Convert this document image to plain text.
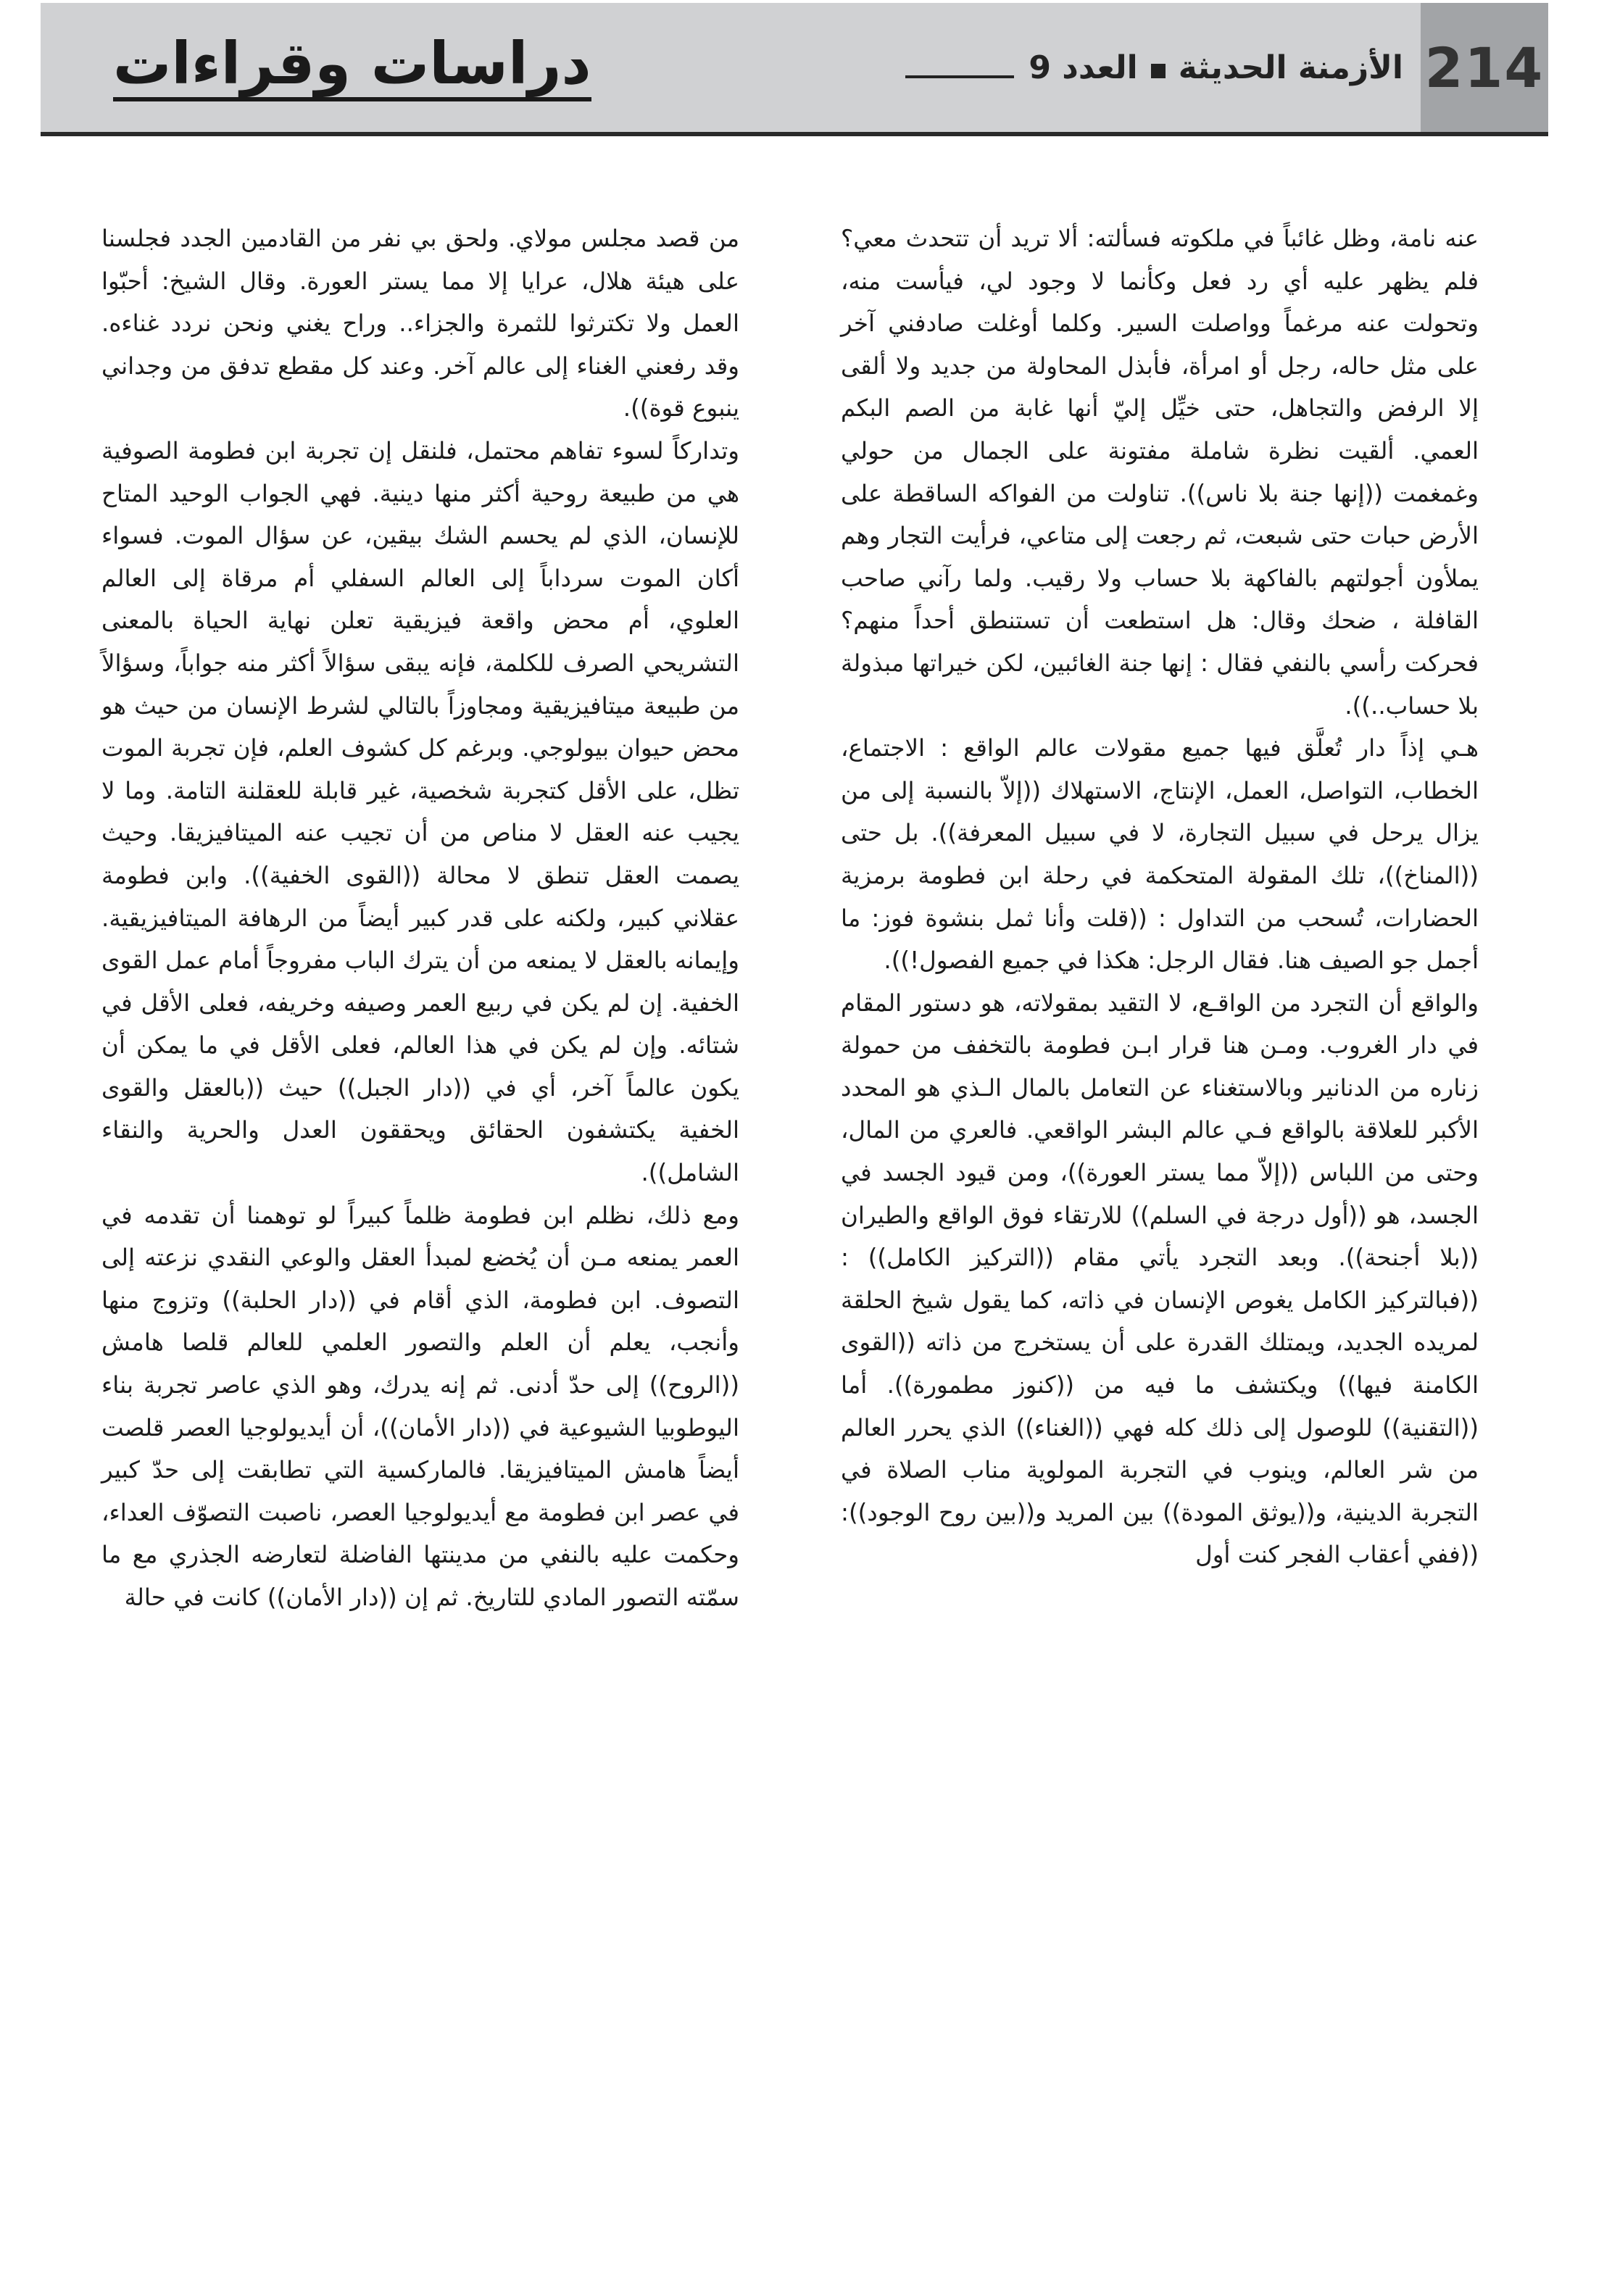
214
الأزمنة الحديثة
العدد 9
دراسات وقراءات

عنه نامة، وظل غائباً في ملكوته فسألته: ألا تريد أن تتحدث معي؟ فلم يظهر عليه أي رد فعل وكأنما لا وجود لي، فيأست منه، وتحولت عنه مرغماً وواصلت السير. وكلما أوغلت صادفني آخر على مثل حاله، رجل أو امرأة، فأبذل المحاولة من جديد ولا ألقى إلا الرفض والتجاهل، حتى خيِّل إليّ أنها غابة من الصم البكم العمي. ألقيت نظرة شاملة مفتونة على الجمال من حولي وغمغمت ((إنها جنة بلا ناس)). تناولت من الفواكه الساقطة على الأرض حبات حتى شبعت، ثم رجعت إلى متاعي، فرأيت التجار وهم يملأون أجولتهم بالفاكهة بلا حساب ولا رقيب. ولما رآني صاحب القافلة ، ضحك وقال: هل استطعت أن تستنطق أحداً منهم؟ فحركت رأسي بالنفي فقال : إنها جنة الغائبين، لكن خيراتها مبذولة بلا حساب..)).

هـي إذاً دار تُعلَّق فيها جميع مقولات عالم الواقع : الاجتماع، الخطاب، التواصل، العمل، الإنتاج، الاستهلاك ((إلاّ بالنسبة إلى من يزال يرحل في سبيل التجارة، لا في سبيل المعرفة)). بل حتى ((المناخ))، تلك المقولة المتحكمة في رحلة ابن فطومة برمزية الحضارات، تُسحب من التداول : ((قلت وأنا ثمل بنشوة فوز: ما أجمل جو الصيف هنا. فقال الرجل: هكذا في جميع الفصول!)).

والواقع أن التجرد من الواقـع، لا التقيد بمقولاته، هو دستور المقام في دار الغروب. ومـن هنا قرار ابـن فطومة بالتخفف من حمولة زناره من الدنانير وبالاستغناء عن التعامل بالمال الـذي هو المحدد الأكبر للعلاقة بالواقع فـي عالم البشر الواقعي. فالعري من المال، وحتى من اللباس ((إلاّ مما يستر العورة))، ومن قيود الجسد في الجسد، هو ((أول درجة في السلم)) للارتقاء فوق الواقع والطيران ((بلا أجنحة)). وبعد التجرد يأتي مقام ((التركيز الكامل)) : ((فبالتركيز الكامل يغوص الإنسان في ذاته، كما يقول شيخ الحلقة لمريده الجديد، ويمتلك القدرة على أن يستخرج من ذاته ((القوى الكامنة فيها)) ويكتشف ما فيه من ((كنوز مطمورة)). أما ((التقنية)) للوصول إلى ذلك كله فهي ((الغناء)) الذي يحرر العالم من شر العالم، وينوب في التجربة المولوية مناب الصلاة في التجربة الدينية، و((يوثق المودة)) بين المريد و((بين روح الوجود)): ((ففي أعقاب الفجر كنت أول

من قصد مجلس مولاي. ولحق بي نفر من القادمين الجدد فجلسنا على هيئة هلال، عرايا إلا مما يستر العورة. وقال الشيخ: أحبّوا العمل ولا تكترثوا للثمرة والجزاء.. وراح يغني ونحن نردد غناءه. وقد رفعني الغناء إلى عالم آخر. وعند كل مقطع تدفق من وجداني ينبوع قوة)).

وتداركاً لسوء تفاهم محتمل، فلنقل إن تجربة ابن فطومة الصوفية هي من طبيعة روحية أكثر منها دينية. فهي الجواب الوحيد المتاح للإنسان، الذي لم يحسم الشك بيقين، عن سؤال الموت. فسواء أكان الموت سرداباً إلى العالم السفلي أم مرقاة إلى العالم العلوي، أم محض واقعة فيزيقية تعلن نهاية الحياة بالمعنى التشريحي الصرف للكلمة، فإنه يبقى سؤالاً أكثر منه جواباً، وسؤالاً من طبيعة ميتافيزيقية ومجاوزاً بالتالي لشرط الإنسان من حيث هو محض حيوان بيولوجي. وبرغم كل كشوف العلم، فإن تجربة الموت تظل، على الأقل كتجربة شخصية، غير قابلة للعقلنة التامة. وما لا يجيب عنه العقل لا مناص من أن تجيب عنه الميتافيزيقا. وحيث يصمت العقل تنطق لا محالة ((القوى الخفية)). وابن فطومة عقلاني كبير، ولكنه على قدر كبير أيضاً من الرهافة الميتافيزيقية. وإيمانه بالعقل لا يمنعه من أن يترك الباب مفروجاً أمام عمل القوى الخفية. إن لم يكن في ربيع العمر وصيفه وخريفه، فعلى الأقل في شتائه. وإن لم يكن في هذا العالم، فعلى الأقل في ما يمكن أن يكون عالماً آخر، أي في ((دار الجبل)) حيث ((بالعقل والقوى الخفية يكتشفون الحقائق ويحققون العدل والحرية والنقاء الشامل)).

ومع ذلك، نظلم ابن فطومة ظلماً كبيراً لو توهمنا أن تقدمه في العمر يمنعه مـن أن يُخضع لمبدأ العقل والوعي النقدي نزعته إلى التصوف. ابن فطومة، الذي أقام في ((دار الحلبة)) وتزوج منها وأنجب، يعلم أن العلم والتصور العلمي للعالم قلصا هامش ((الروح)) إلى حدّ أدنى. ثم إنه يدرك، وهو الذي عاصر تجربة بناء اليوطوبيا الشيوعية في ((دار الأمان))، أن أيديولوجيا العصر قلصت أيضاً هامش الميتافيزيقا. فالماركسية التي تطابقت إلى حدّ كبير في عصر ابن فطومة مع أيديولوجيا العصر، ناصبت التصوّف العداء، وحكمت عليه بالنفي من مدينتها الفاضلة لتعارضه الجذري مع ما سمّته التصور المادي للتاريخ. ثم إن ((دار الأمان)) كانت في حالة
